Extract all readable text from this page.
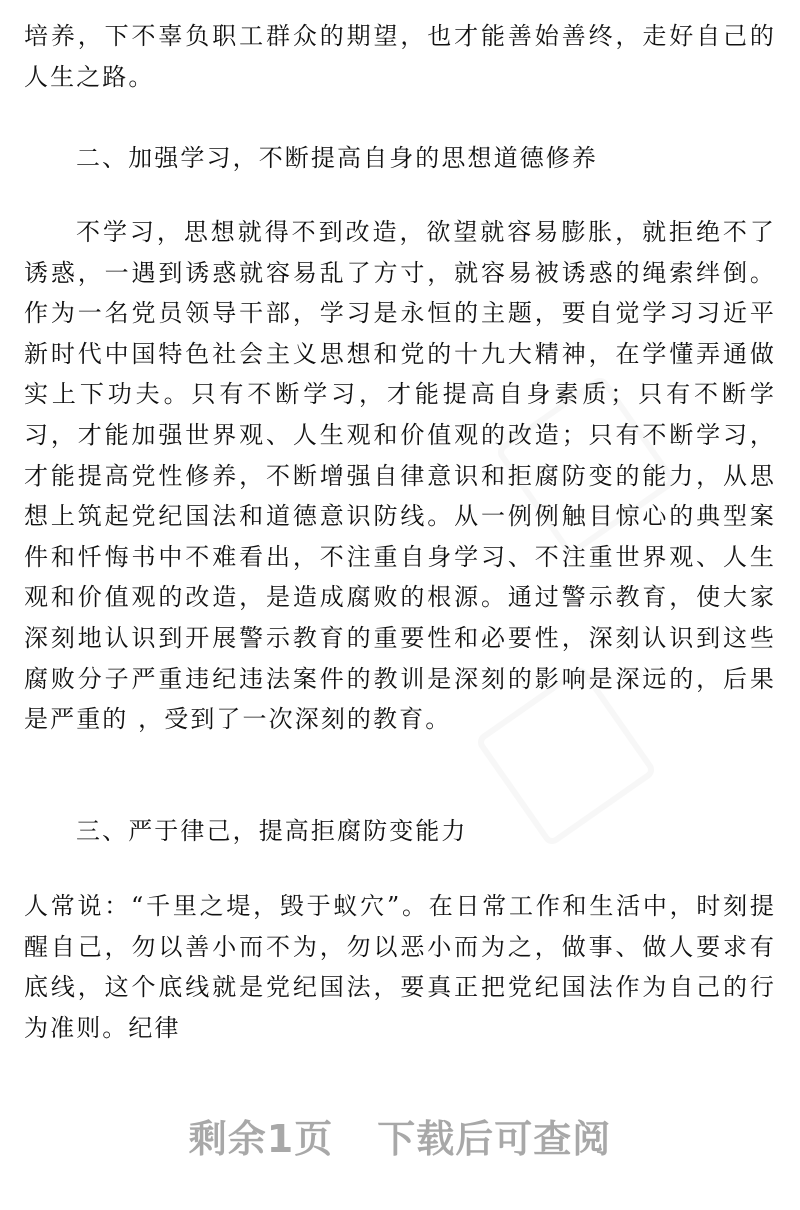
培养，下不辜负职工群众的期望，也才能善始善终，走好自己的人生之路。

二、加强学习，不断提高自身的思想道德修养

不学习，思想就得不到改造，欲望就容易膨胀，就拒绝不了诱惑，一遇到诱惑就容易乱了方寸，就容易被诱惑的绳索绊倒。作为一名党员领导干部，学习是永恒的主题，要自觉学习习近平新时代中国特色社会主义思想和党的十九大精神，在学懂弄通做实上下功夫。只有不断学习，才能提高自身素质；只有不断学习，才能加强世界观、人生观和价值观的改造；只有不断学习，才能提高党性修养，不断增强自律意识和拒腐防变的能力，从思想上筑起党纪国法和道德意识防线。从一例例触目惊心的典型案件和忏悔书中不难看出，不注重自身学习、不注重世界观、人生观和价值观的改造，是造成腐败的根源。通过警示教育，使大家深刻地认识到开展警示教育的重要性和必要性，深刻认识到这些腐败分子严重违纪违法案件的教训是深刻的影响是深远的，后果是严重的 ，受到了一次深刻的教育。

三、严于律己，提高拒腐防变能力

人常说：“千里之堤，毁于蚁穴”。在日常工作和生活中，时刻提醒自己，勿以善小而不为，勿以恶小而为之，做事、做人要求有底线，这个底线就是党纪国法，要真正把党纪国法作为自己的行为准则。纪律

剩余1页 下载后可查阅
